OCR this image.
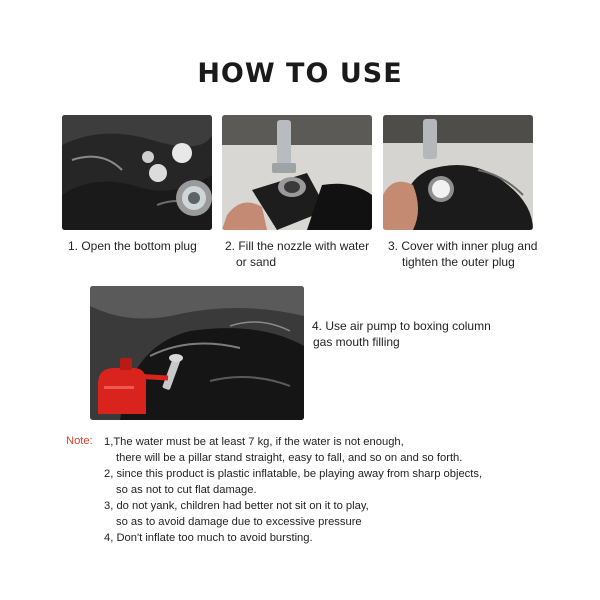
HOW TO USE
1. Open the bottom plug	2. Fill the nozzle with water
or sand
3. Cover with inner plug and
tighten the outer plug
4. Use air pump to boxing column
gas mouth filling
Note: 1,The water must be at least 7 kg, if the water is not enough,
there will be a pillar stand straight, easy to fall, and so on and so forth.
2, since this product is plastic inflatable, be playing away from sharp objects,
so as not to cut flat damage.
3, do not yank, children had better not sit on it to play,
so as to avoid damage due to excessive pressure
4, Don't inflate too much to avoid bursting.
